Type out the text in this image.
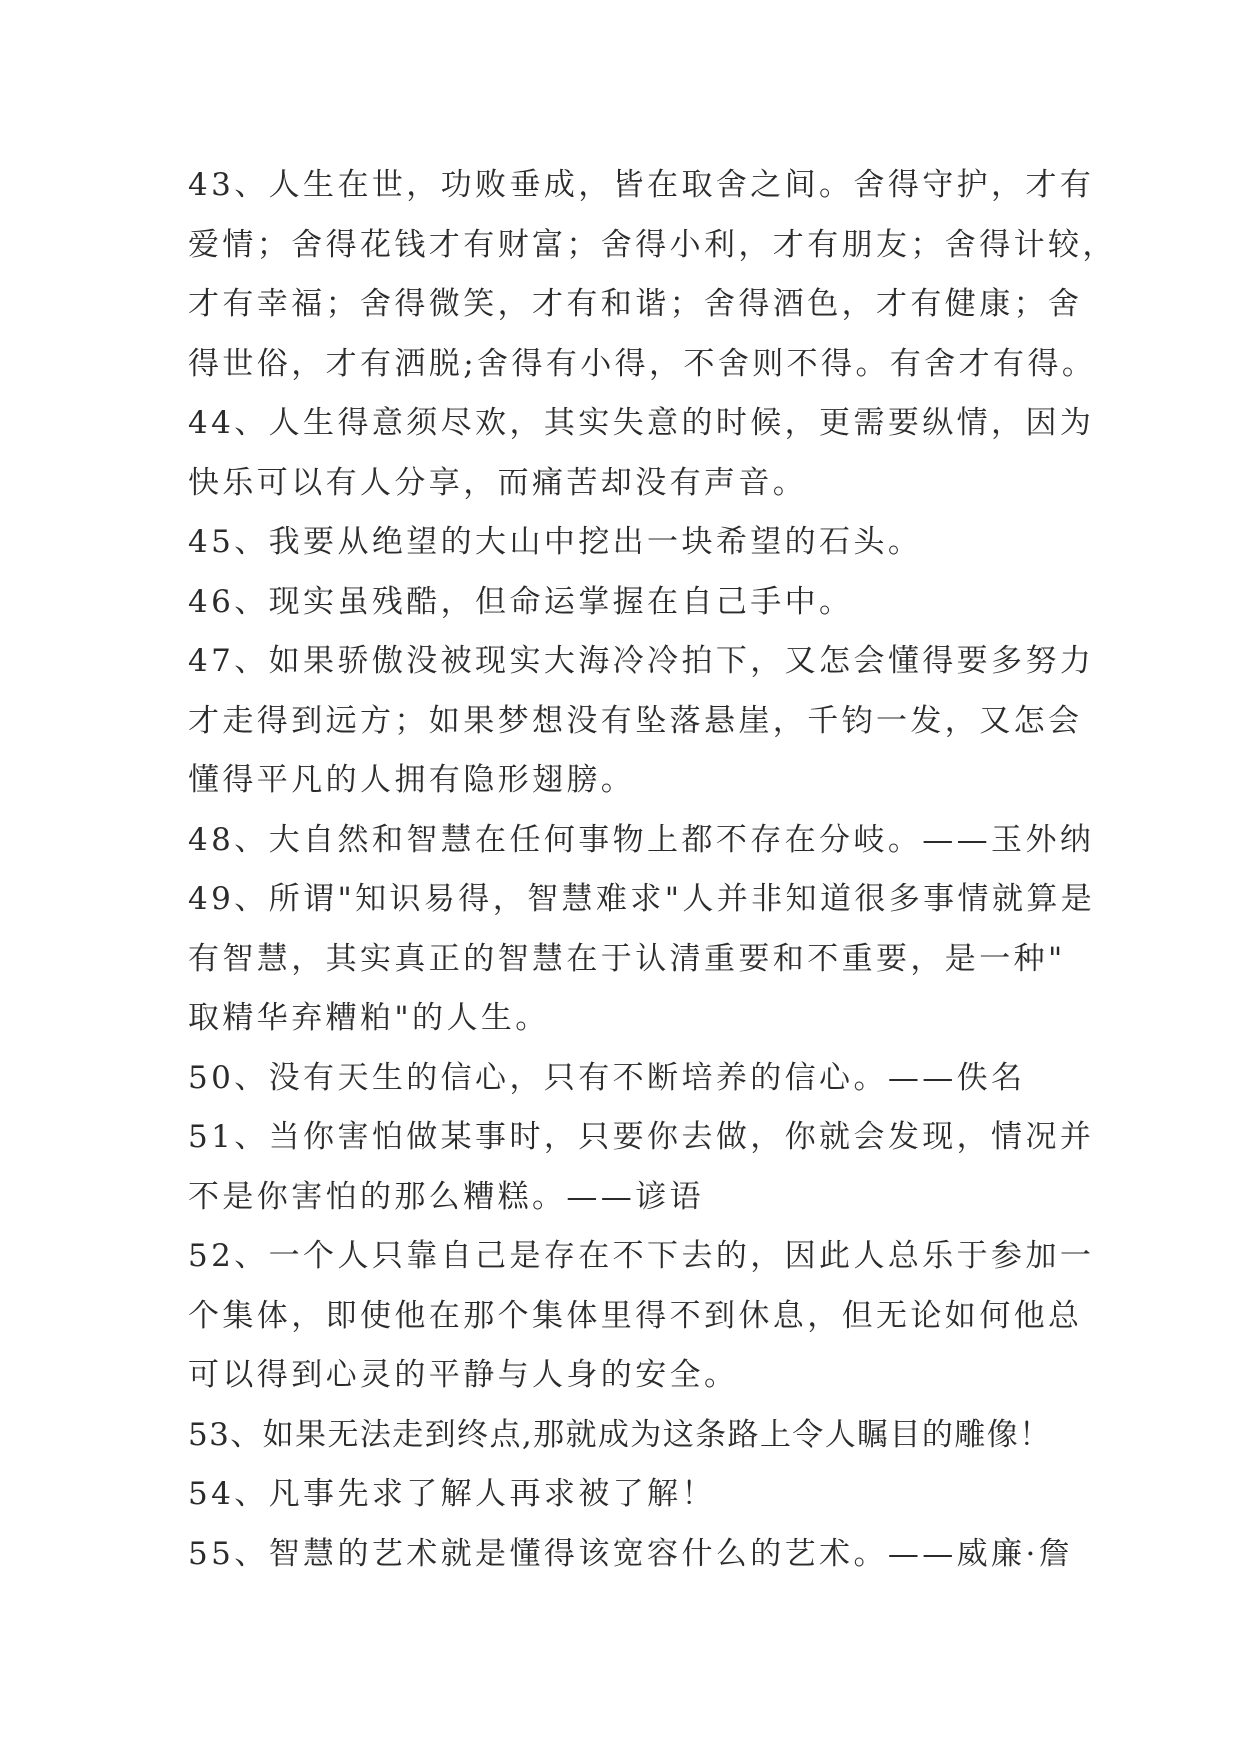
43、人生在世，功败垂成，皆在取舍之间。舍得守护，才有

爱情；舍得花钱才有财富；舍得小利，才有朋友；舍得计较，

才有幸福；舍得微笑，才有和谐；舍得酒色，才有健康；舍

得世俗，才有洒脱;舍得有小得，不舍则不得。有舍才有得。

44、人生得意须尽欢，其实失意的时候，更需要纵情，因为

快乐可以有人分享，而痛苦却没有声音。

45、我要从绝望的大山中挖出一块希望的石头。

46、现实虽残酷，但命运掌握在自己手中。

47、如果骄傲没被现实大海冷冷拍下，又怎会懂得要多努力

才走得到远方；如果梦想没有坠落悬崖，千钧一发，又怎会

懂得平凡的人拥有隐形翅膀。

48、大自然和智慧在任何事物上都不存在分岐。——玉外纳

49、所谓"知识易得，智慧难求"人并非知道很多事情就算是

有智慧，其实真正的智慧在于认清重要和不重要，是一种"

取精华弃糟粕"的人生。

50、没有天生的信心，只有不断培养的信心。——佚名

51、当你害怕做某事时，只要你去做，你就会发现，情况并

不是你害怕的那么糟糕。——谚语

52、一个人只靠自己是存在不下去的，因此人总乐于参加一

个集体，即使他在那个集体里得不到休息，但无论如何他总

可以得到心灵的平静与人身的安全。

53、如果无法走到终点,那就成为这条路上令人瞩目的雕像！

54、凡事先求了解人再求被了解！

55、智慧的艺术就是懂得该宽容什么的艺术。——威廉·詹
